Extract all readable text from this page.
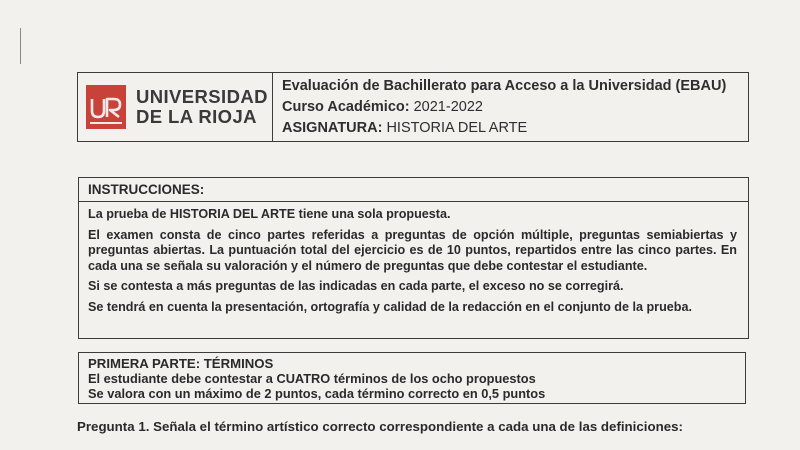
UNIVERSIDAD
DE LA RIOJA
Evaluación de Bachillerato para Acceso a la Universidad (EBAU)
Curso Académico: 2021-2022
ASIGNATURA: HISTORIA DEL ARTE
INSTRUCCIONES:

La prueba de HISTORIA DEL ARTE tiene una sola propuesta.

El examen consta de cinco partes referidas a preguntas de opción múltiple, preguntas semiabiertas y preguntas abiertas. La puntuación total del ejercicio es de 10 puntos, repartidos entre las cinco partes. En cada una se señala su valoración y el número de preguntas que debe contestar el estudiante.

Si se contesta a más preguntas de las indicadas en cada parte, el exceso no se corregirá.

Se tendrá en cuenta la presentación, ortografía y calidad de la redacción en el conjunto de la prueba.

PRIMERA PARTE: TÉRMINOS
El estudiante debe contestar a CUATRO términos de los ocho propuestos
Se valora con un máximo de 2 puntos, cada término correcto en 0,5 puntos
Pregunta 1. Señala el término artístico correcto correspondiente a cada una de las definiciones:
